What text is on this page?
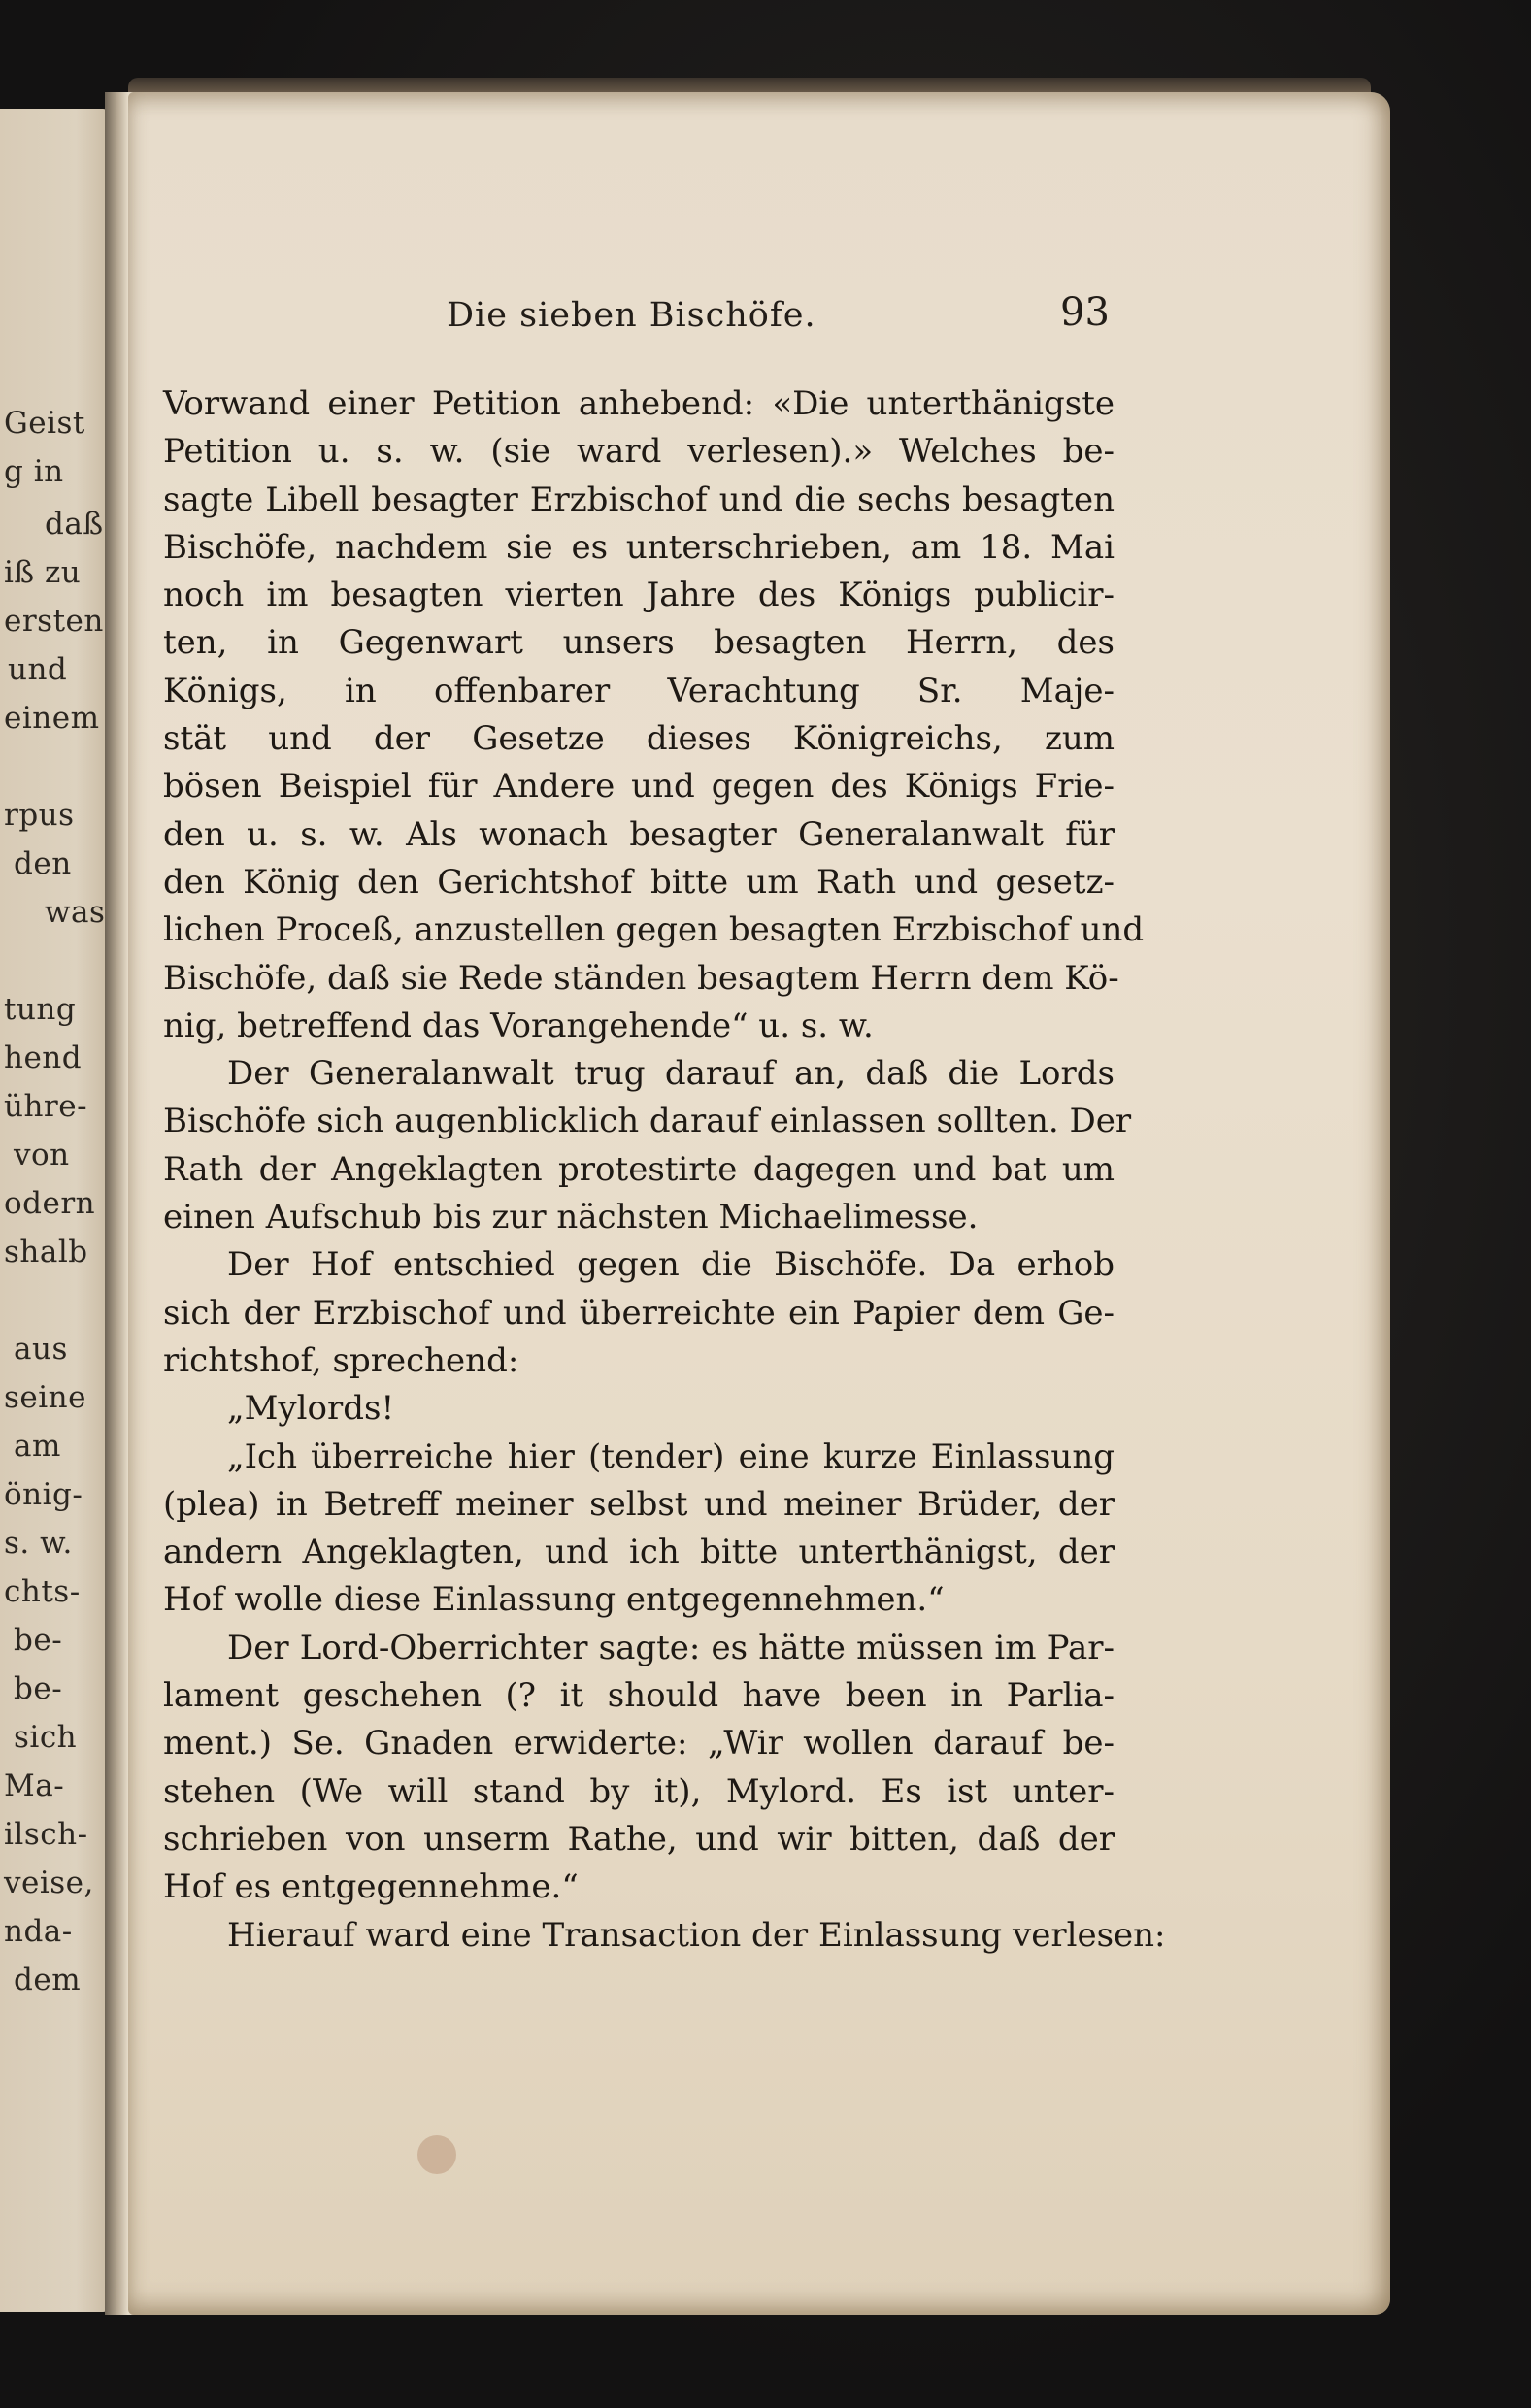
Geist
g in
daß
iß zu
ersten
und
einem
rpus
den
was
tung
hend
ühre-
von
odern
shalb
aus
seine
am
önig-
s. w.
chts-
be-
be-
sich
Ma-
ilsch-
veise,
nda-
dem
Die sieben Bischöfe.	93
Vorwand einer Petition anhebend: «Die unterthänigste
Petition u. s. w. (sie ward verlesen).» Welches be-
sagte Libell besagter Erzbischof und die sechs besagten
Bischöfe, nachdem sie es unterschrieben, am 18. Mai
noch im besagten vierten Jahre des Königs publicir-
ten, in Gegenwart unsers besagten Herrn, des
Königs, in offenbarer Verachtung Sr. Maje-
stät und der Gesetze dieses Königreichs, zum
bösen Beispiel für Andere und gegen des Königs Frie-
den u. s. w. Als wonach besagter Generalanwalt für
den König den Gerichtshof bitte um Rath und gesetz-
lichen Proceß, anzustellen gegen besagten Erzbischof und
Bischöfe, daß sie Rede ständen besagtem Herrn dem Kö-
nig, betreffend das Vorangehende“ u. s. w.
Der Generalanwalt trug darauf an, daß die Lords
Bischöfe sich augenblicklich darauf einlassen sollten. Der
Rath der Angeklagten protestirte dagegen und bat um
einen Aufschub bis zur nächsten Michaelimesse.
Der Hof entschied gegen die Bischöfe. Da erhob
sich der Erzbischof und überreichte ein Papier dem Ge-
richtshof, sprechend:
„Mylords!
„Ich überreiche hier (tender) eine kurze Einlassung
(plea) in Betreff meiner selbst und meiner Brüder, der
andern Angeklagten, und ich bitte unterthänigst, der
Hof wolle diese Einlassung entgegennehmen.“
Der Lord-Oberrichter sagte: es hätte müssen im Par-
lament geschehen (? it should have been in Parlia-
ment.) Se. Gnaden erwiderte: „Wir wollen darauf be-
stehen (We will stand by it), Mylord. Es ist unter-
schrieben von unserm Rathe, und wir bitten, daß der
Hof es entgegennehme.“
Hierauf ward eine Transaction der Einlassung verlesen:
